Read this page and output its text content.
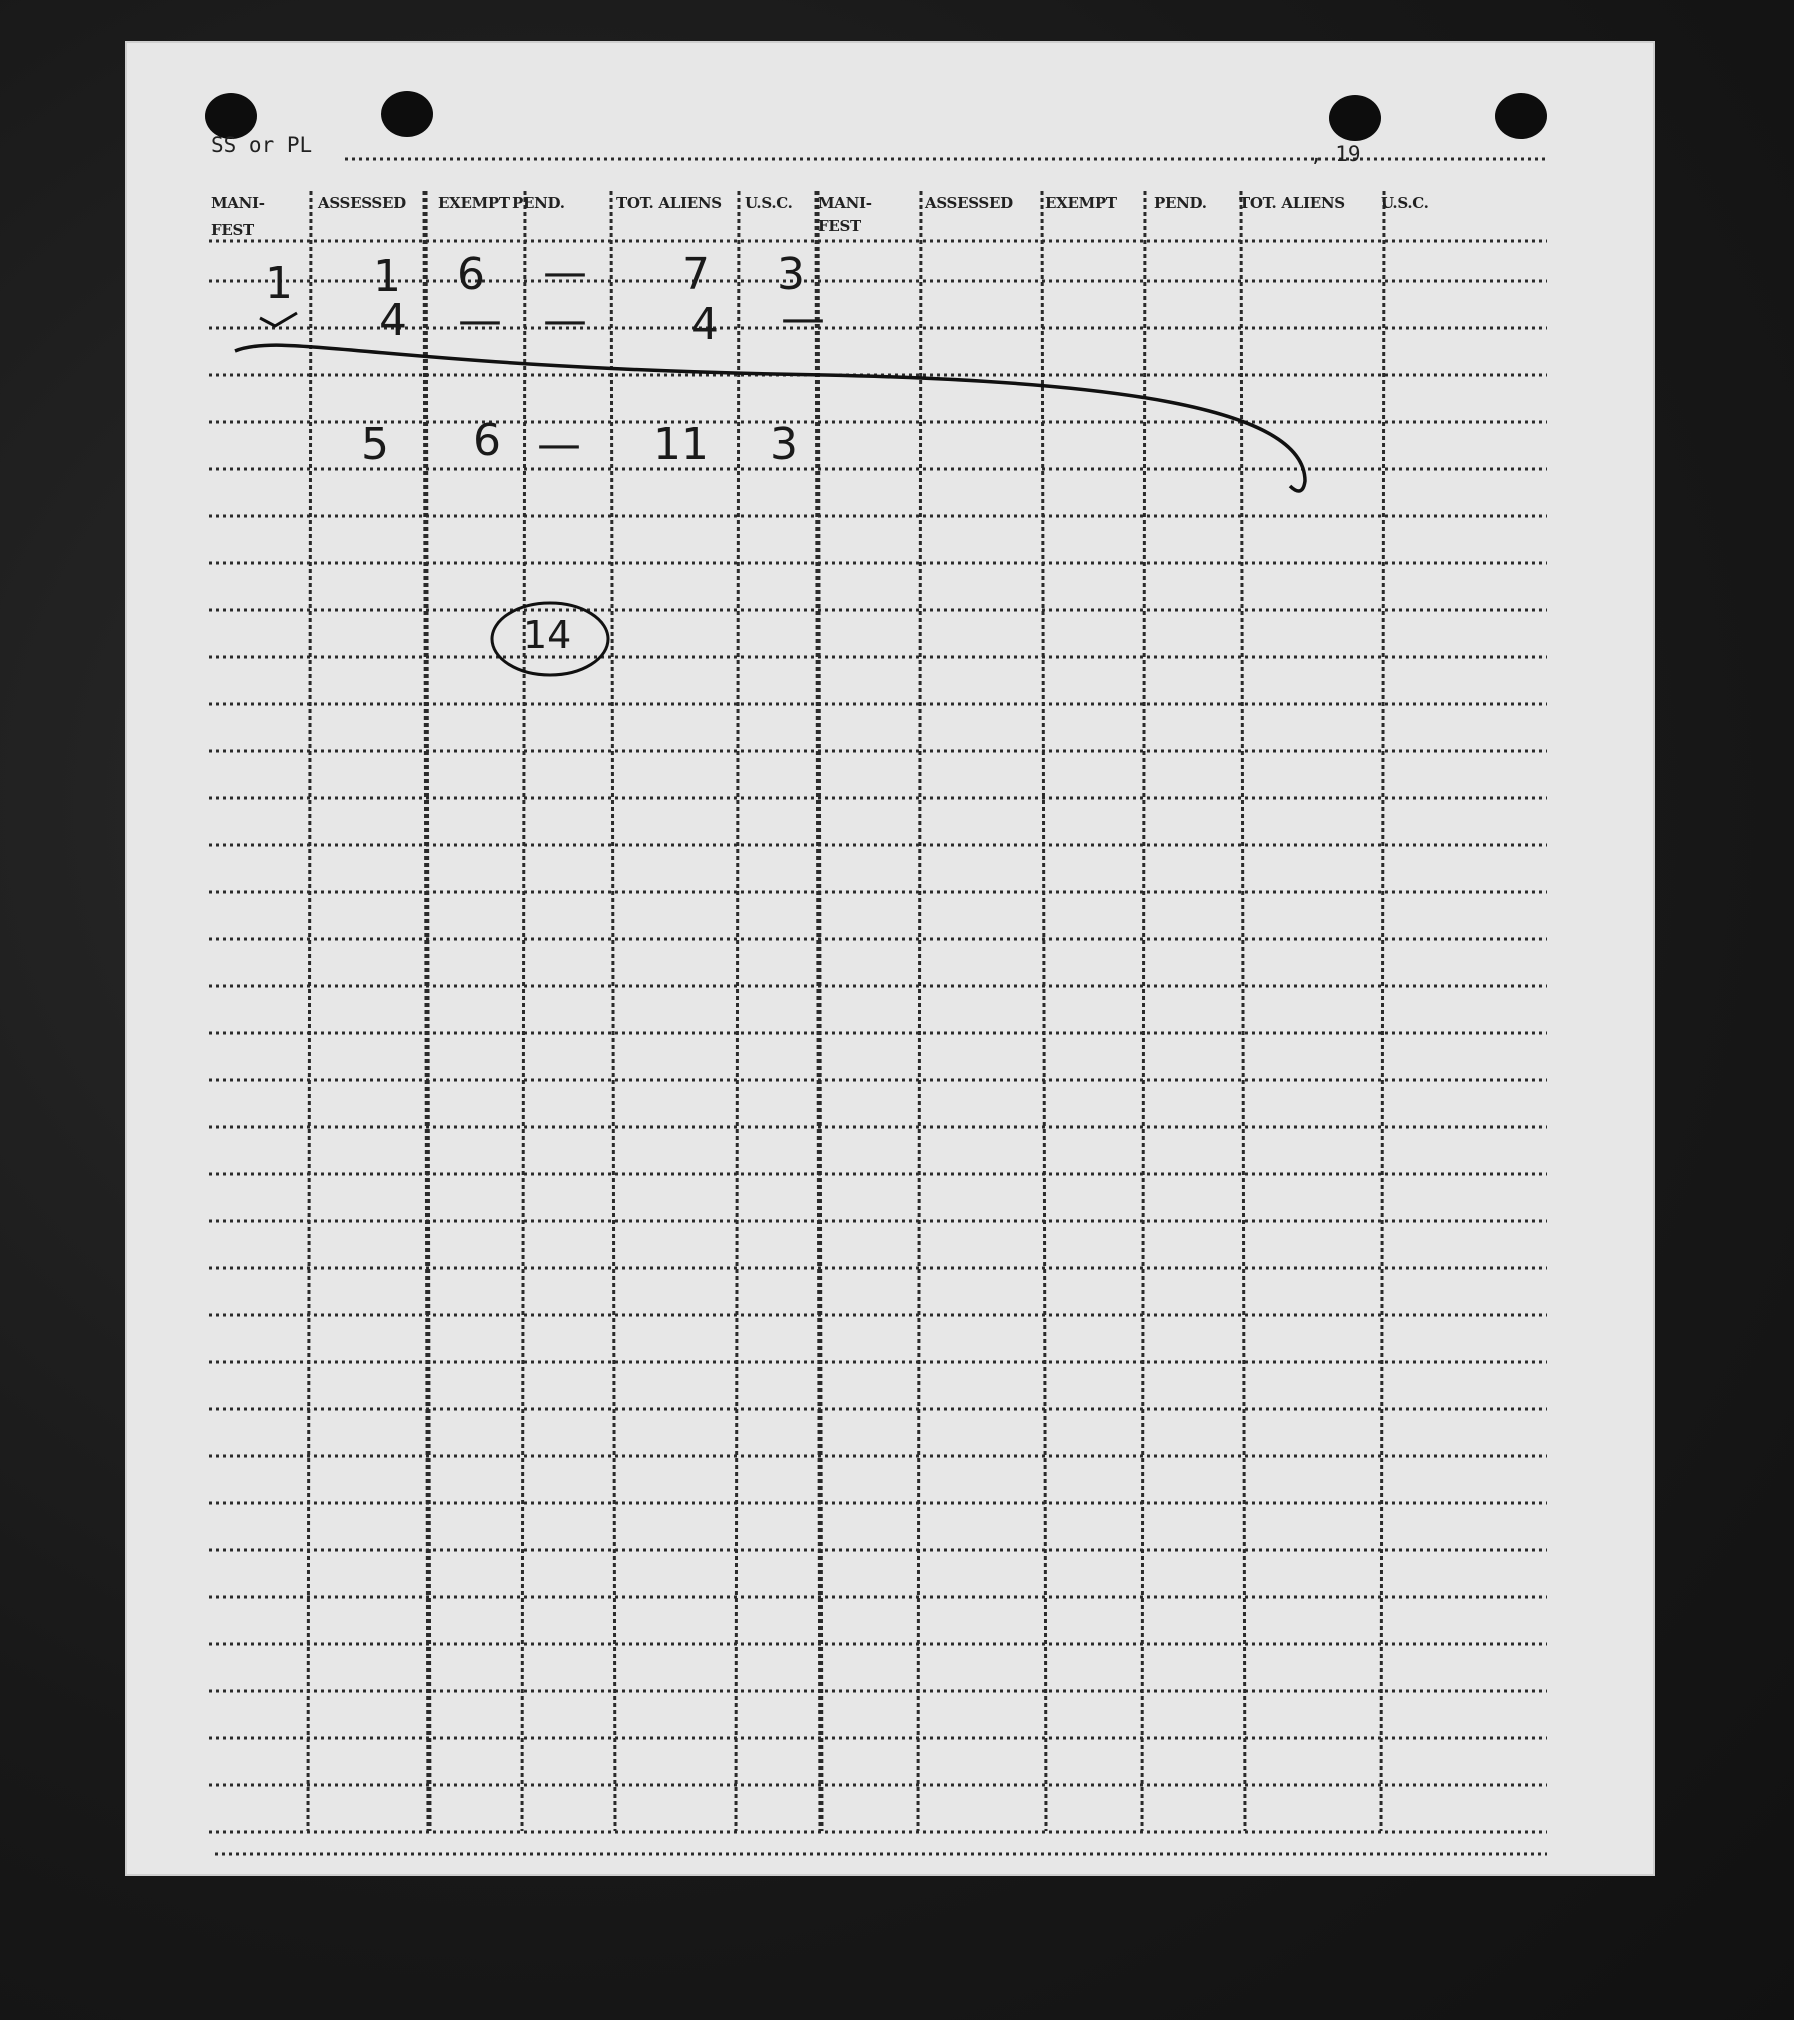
SS or PL	, 19
MANI-
FEST
ASSESSED EXEMPT PEND.	TOT. ALIENS U.S.C. MANI-
FEST
ASSESSED EXEMPT PEND. TOT. ALIENS U.S.C.
1 1 6 — 7 3
4 — — 4 —
5 6 — 11 3
14
